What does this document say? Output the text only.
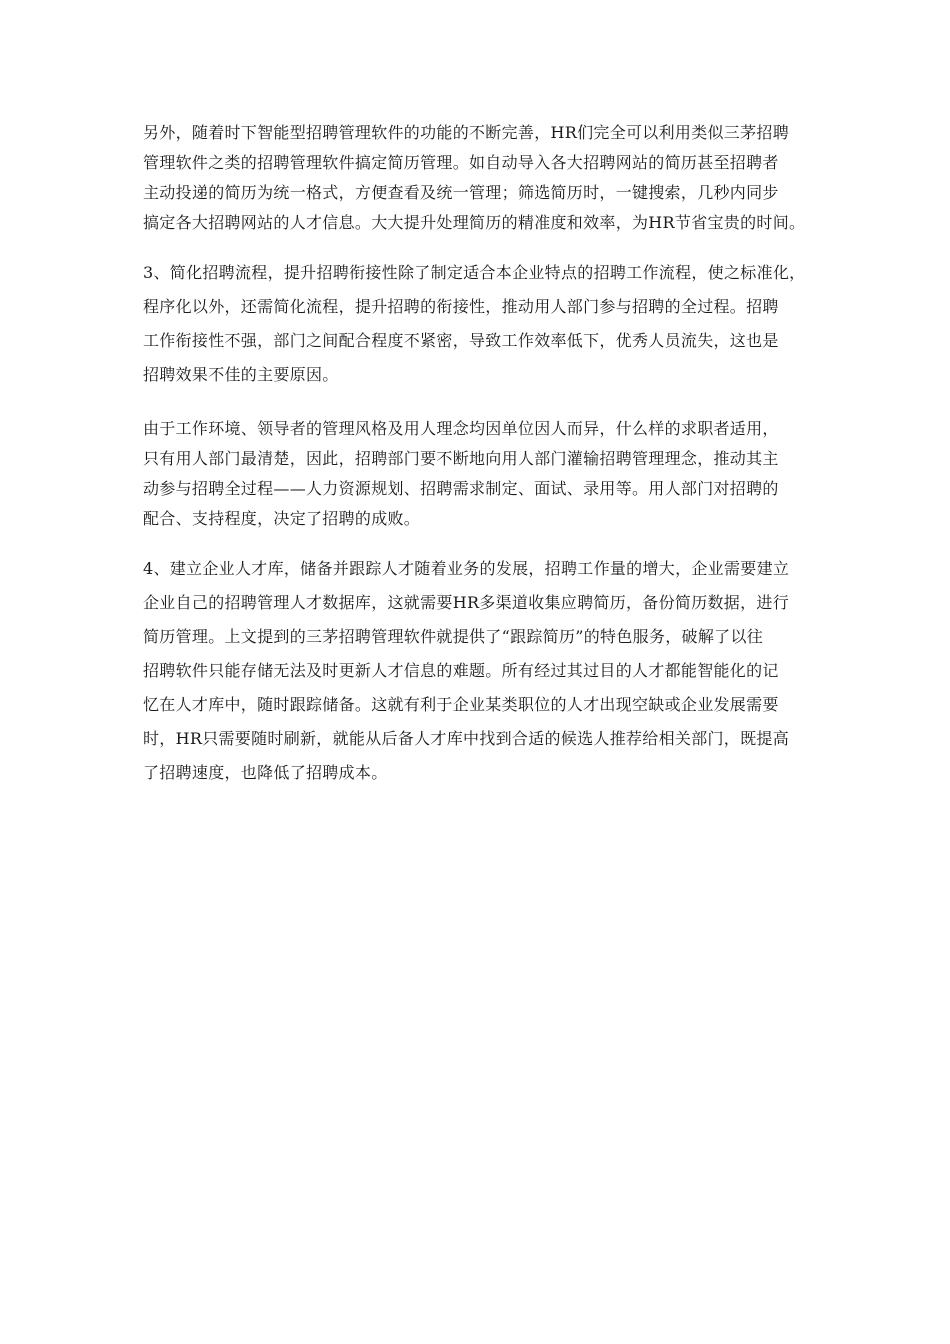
另外，随着时下智能型招聘管理软件的功能的不断完善，HR们完全可以利用类似三茅招聘
管理软件之类的招聘管理软件搞定简历管理。如自动导入各大招聘网站的简历甚至招聘者
主动投递的简历为统一格式，方便查看及统一管理；筛选简历时，一键搜索，几秒内同步
搞定各大招聘网站的人才信息。大大提升处理简历的精准度和效率，为HR节省宝贵的时间。

3、简化招聘流程，提升招聘衔接性除了制定适合本企业特点的招聘工作流程，使之标准化，
程序化以外，还需简化流程，提升招聘的衔接性，推动用人部门参与招聘的全过程。招聘
工作衔接性不强，部门之间配合程度不紧密，导致工作效率低下，优秀人员流失，这也是
招聘效果不佳的主要原因。

由于工作环境、领导者的管理风格及用人理念均因单位因人而异，什么样的求职者适用，
只有用人部门最清楚，因此，招聘部门要不断地向用人部门灌输招聘管理理念，推动其主
动参与招聘全过程——人力资源规划、招聘需求制定、面试、录用等。用人部门对招聘的
配合、支持程度，决定了招聘的成败。

4、建立企业人才库，储备并跟踪人才随着业务的发展，招聘工作量的增大，企业需要建立
企业自己的招聘管理人才数据库，这就需要HR多渠道收集应聘简历，备份简历数据，进行
简历管理。上文提到的三茅招聘管理软件就提供了“跟踪简历”的特色服务，破解了以往
招聘软件只能存储无法及时更新人才信息的难题。所有经过其过目的人才都能智能化的记
忆在人才库中，随时跟踪储备。这就有利于企业某类职位的人才出现空缺或企业发展需要
时，HR只需要随时刷新，就能从后备人才库中找到合适的候选人推荐给相关部门，既提高
了招聘速度，也降低了招聘成本。
